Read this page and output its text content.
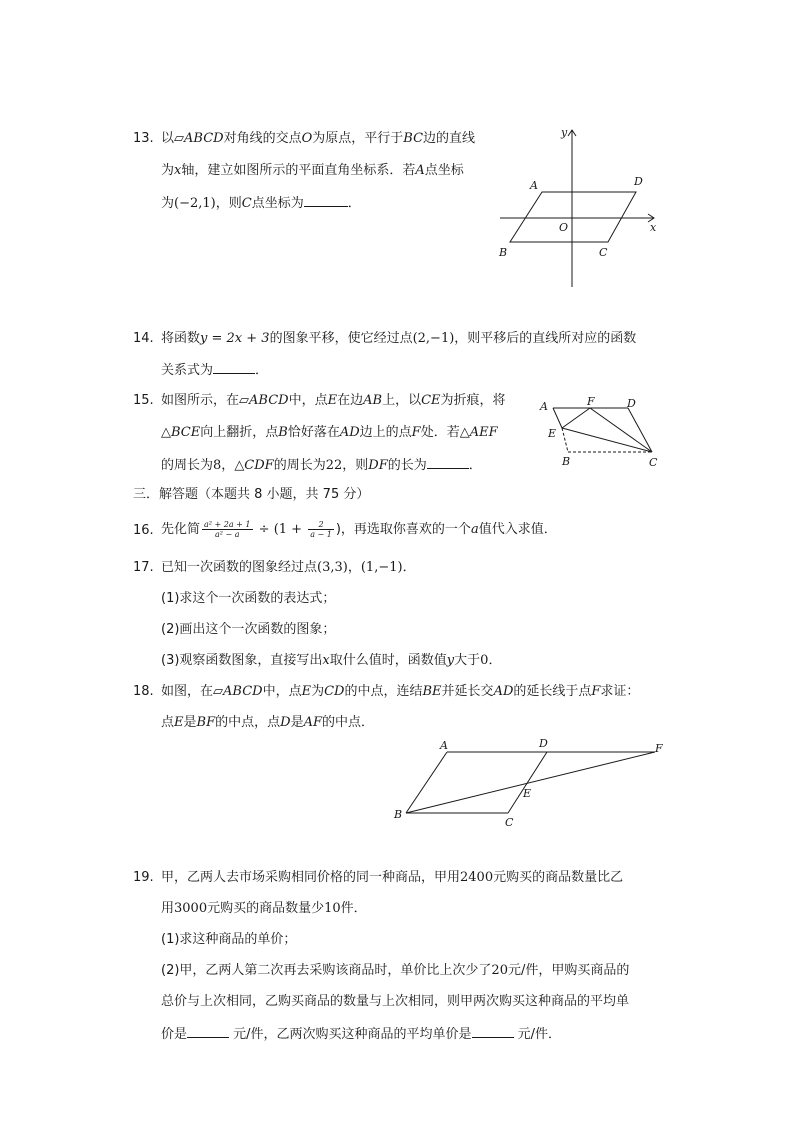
13. 以▱ABCD对角线的交点O为原点，平行于BC边的直线
为x轴，建立如图所示的平面直角坐标系．若A点坐标
为(−2,1)，则C点坐标为	．
y
x
O
A	D
B	C
14. 将函数y = 2x + 3的图象平移，使它经过点(2,−1)，则平移后的直线所对应的函数
关系式为	．
15. 如图所示，在▱ABCD中，点E在边AB上，以CE为折痕，将
△BCE向上翻折，点B恰好落在AD边上的点F处．若△AEF
的周长为8，△CDF的周长为22，则DF的长为	．
A	F	D
E
B	C
三．解答题（本题共 8 小题，共 75 分）
16. 先化简 $\frac{\text{a² + 2a + 1}}{\text{a² − a}} \div (1 + \frac{2}{a - 1}$ )，再选取你喜欢的一个a值代入求值．
17. 已知一次函数的图象经过点(3,3)，(1,−1)．
(1)求这个一次函数的表达式；
(2)画出这个一次函数的图象；
(3)观察函数图象，直接写出x取什么值时，函数值y大于0．
18. 如图，在▱ABCD中，点E为CD的中点，连结BE并延长交AD的延长线于点F求证：
点E是BF的中点，点D是AF的中点．
A	D	F
E
B
C
19. 甲，乙两人去市场采购相同价格的同一种商品，甲用2400元购买的商品数量比乙
用3000元购买的商品数量少10件．
(1)求这种商品的单价；
(2)甲，乙两人第二次再去采购该商品时，单价比上次少了20元/件，甲购买商品的
总价与上次相同，乙购买商品的数量与上次相同，则甲两次购买这种商品的平均单
价是	元/件，乙两次购买这种商品的平均单价是	元/件．
